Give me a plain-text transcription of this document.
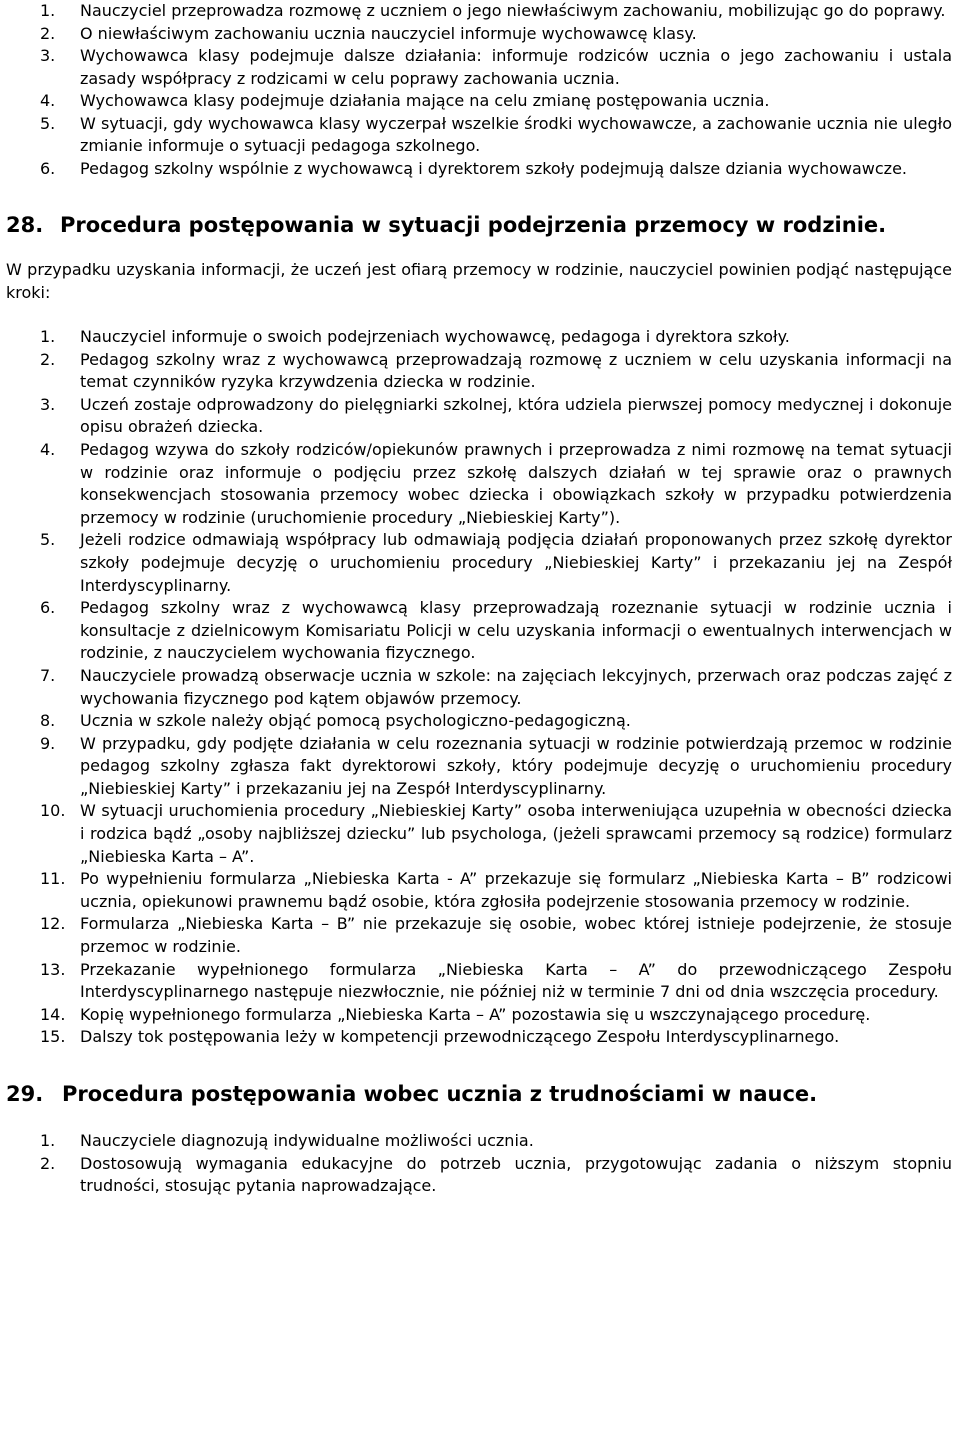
1. Nauczyciel przeprowadza rozmowę z uczniem o jego niewłaściwym zachowaniu, mobilizując go do poprawy.
2. O niewłaściwym zachowaniu ucznia nauczyciel informuje wychowawcę klasy.
3. Wychowawca klasy podejmuje dalsze działania: informuje rodziców ucznia o jego zachowaniu i ustala zasady współpracy z rodzicami w celu poprawy zachowania ucznia.
4. Wychowawca klasy podejmuje działania mające na celu zmianę postępowania ucznia.
5. W sytuacji, gdy wychowawca klasy wyczerpał wszelkie środki wychowawcze, a zachowanie ucznia nie uległo zmianie informuje o sytuacji pedagoga szkolnego.
6. Pedagog szkolny wspólnie z wychowawcą i dyrektorem szkoły podejmują dalsze dziania wychowawcze.
28. Procedura postępowania w sytuacji podejrzenia przemocy w rodzinie.

W przypadku uzyskania informacji, że uczeń jest ofiarą przemocy w rodzinie, nauczyciel powinien podjąć następujące kroki:

1. Nauczyciel informuje o swoich podejrzeniach wychowawcę, pedagoga i dyrektora szkoły.
2. Pedagog szkolny wraz z wychowawcą przeprowadzają rozmowę z uczniem w celu uzyskania informacji na temat czynników ryzyka krzywdzenia dziecka w rodzinie.
3. Uczeń zostaje odprowadzony do pielęgniarki szkolnej, która udziela pierwszej pomocy medycznej i dokonuje opisu obrażeń dziecka.
4. Pedagog wzywa do szkoły rodziców/opiekunów prawnych i przeprowadza z nimi rozmowę na temat sytuacji w rodzinie oraz informuje o podjęciu przez szkołę dalszych działań w tej sprawie oraz o prawnych konsekwencjach stosowania przemocy wobec dziecka i obowiązkach szkoły w przypadku potwierdzenia przemocy w rodzinie (uruchomienie procedury „Niebieskiej Karty”).
5. Jeżeli rodzice odmawiają współpracy lub odmawiają podjęcia działań proponowanych przez szkołę dyrektor szkoły podejmuje decyzję o uruchomieniu procedury „Niebieskiej Karty” i przekazaniu jej na Zespół Interdyscyplinarny.
6. Pedagog szkolny wraz z wychowawcą klasy przeprowadzają rozeznanie sytuacji w rodzinie ucznia i konsultacje z dzielnicowym Komisariatu Policji w celu uzyskania informacji o ewentualnych interwencjach w rodzinie, z nauczycielem wychowania fizycznego.
7. Nauczyciele prowadzą obserwacje ucznia w szkole: na zajęciach lekcyjnych, przerwach oraz podczas zajęć z wychowania fizycznego pod kątem objawów przemocy.
8. Ucznia w szkole należy objąć pomocą psychologiczno-pedagogiczną.
9. W przypadku, gdy podjęte działania w celu rozeznania sytuacji w rodzinie potwierdzają przemoc w rodzinie pedagog szkolny zgłasza fakt dyrektorowi szkoły, który podejmuje decyzję o uruchomieniu procedury „Niebieskiej Karty” i przekazaniu jej na Zespół Interdyscyplinarny.
10. W sytuacji uruchomienia procedury „Niebieskiej Karty” osoba interweniująca uzupełnia w obecności dziecka i rodzica bądź „osoby najbliższej dziecku” lub psychologa, (jeżeli sprawcami przemocy są rodzice) formularz „Niebieska Karta – A”.
11. Po wypełnieniu formularza „Niebieska Karta - A” przekazuje się formularz „Niebieska Karta – B” rodzicowi ucznia, opiekunowi prawnemu bądź osobie, która zgłosiła podejrzenie stosowania przemocy w rodzinie.
12. Formularza „Niebieska Karta – B” nie przekazuje się osobie, wobec której istnieje podejrzenie, że stosuje przemoc w rodzinie.
13. Przekazanie wypełnionego formularza „Niebieska Karta – A” do przewodniczącego Zespołu Interdyscyplinarnego następuje niezwłocznie, nie później niż w terminie 7 dni od dnia wszczęcia procedury.
14. Kopię wypełnionego formularza „Niebieska Karta – A” pozostawia się u wszczynającego procedurę.
15. Dalszy tok postępowania leży w kompetencji przewodniczącego Zespołu Interdyscyplinarnego.
29. Procedura postępowania wobec ucznia z trudnościami w nauce.
1. Nauczyciele diagnozują indywidualne możliwości ucznia.
2. Dostosowują wymagania edukacyjne do potrzeb ucznia, przygotowując zadania o niższym stopniu trudności, stosując pytania naprowadzające.
